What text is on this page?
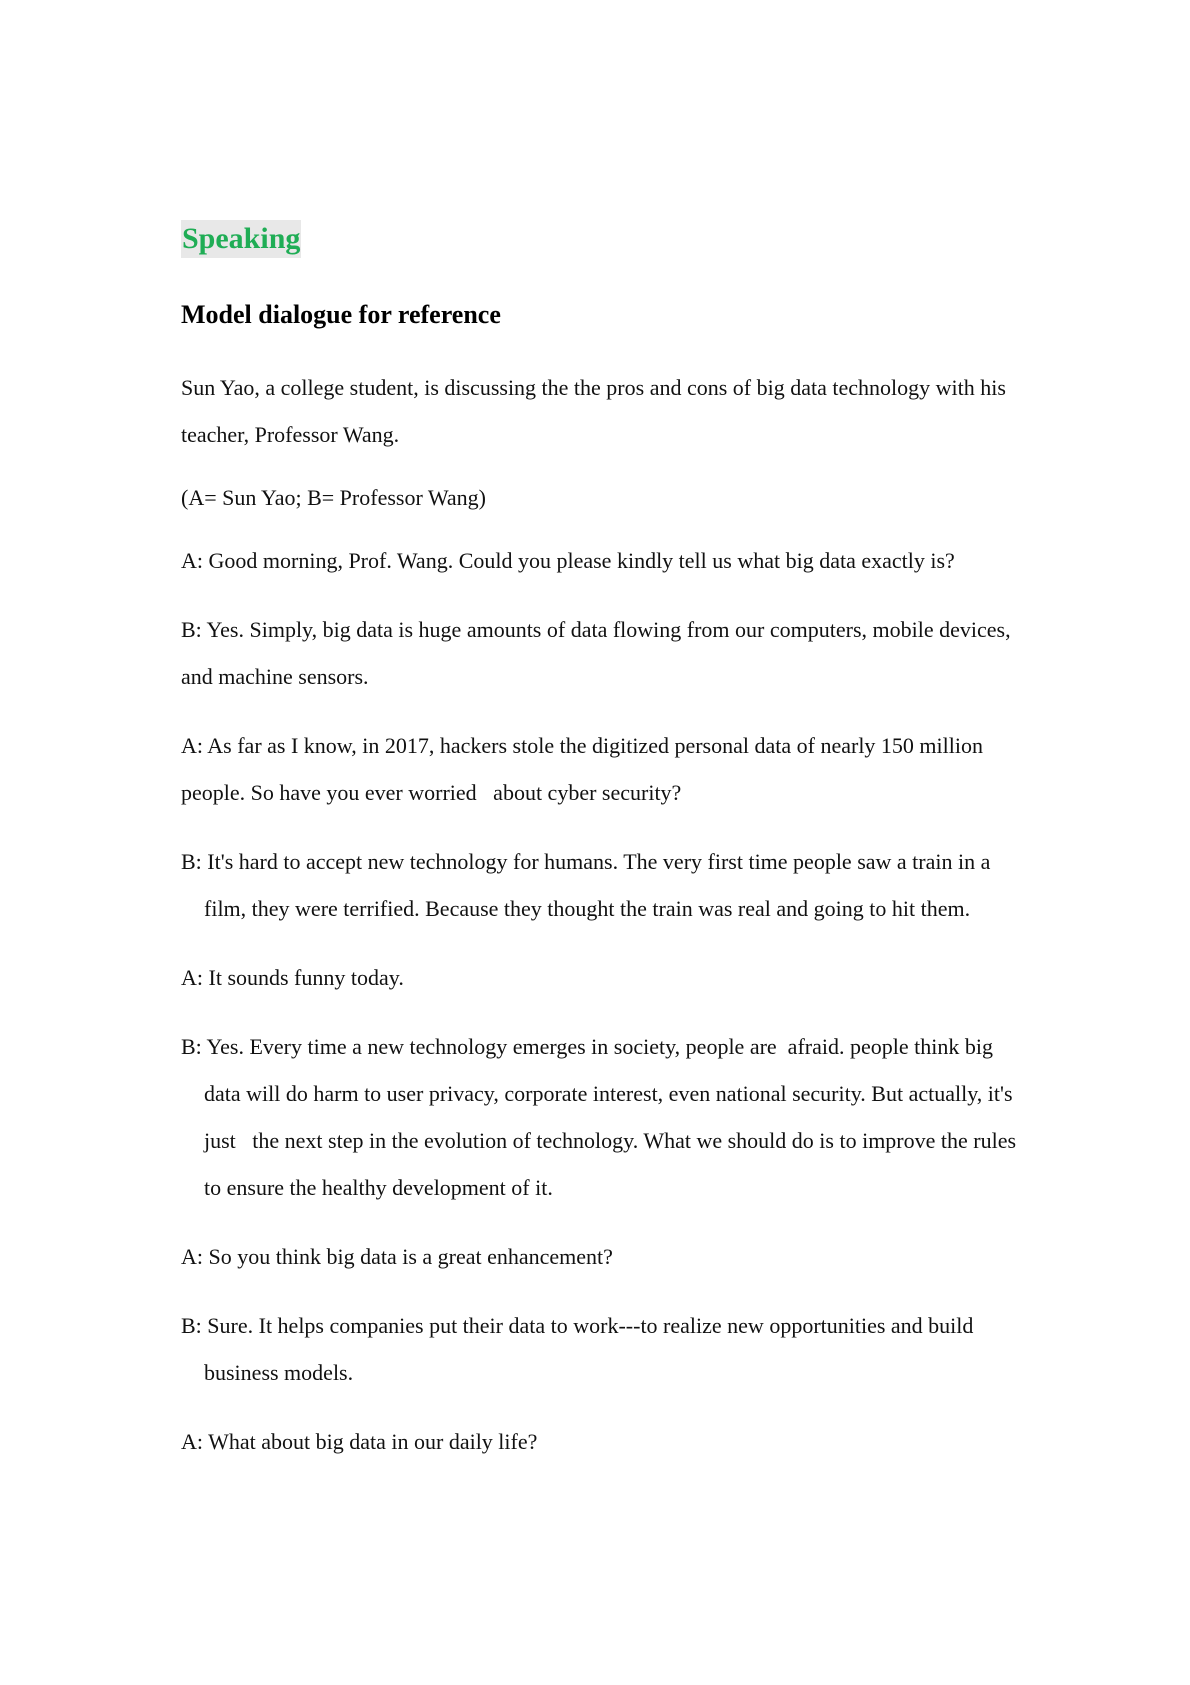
Speaking
Model dialogue for reference

Sun Yao, a college student, is discussing the the pros and cons of big data technology with his teacher, Professor Wang.

(A= Sun Yao; B= Professor Wang)

A: Good morning, Prof. Wang. Could you please kindly tell us what big data exactly is?

B: Yes. Simply, big data is huge amounts of data flowing from our computers, mobile devices, and machine sensors.

A: As far as I know, in 2017, hackers stole the digitized personal data of nearly 150 million people. So have you ever worried   about cyber security?

B: It's hard to accept new technology for humans. The very first time people saw a train in a film, they were terrified. Because they thought the train was real and going to hit them.

A: It sounds funny today.

B: Yes. Every time a new technology emerges in society, people are  afraid. people think big data will do harm to user privacy, corporate interest, even national security. But actually, it's just   the next step in the evolution of technology. What we should do is to improve the rules to ensure the healthy development of it.

A: So you think big data is a great enhancement?

B: Sure. It helps companies put their data to work---to realize new opportunities and build business models.

A: What about big data in our daily life?
